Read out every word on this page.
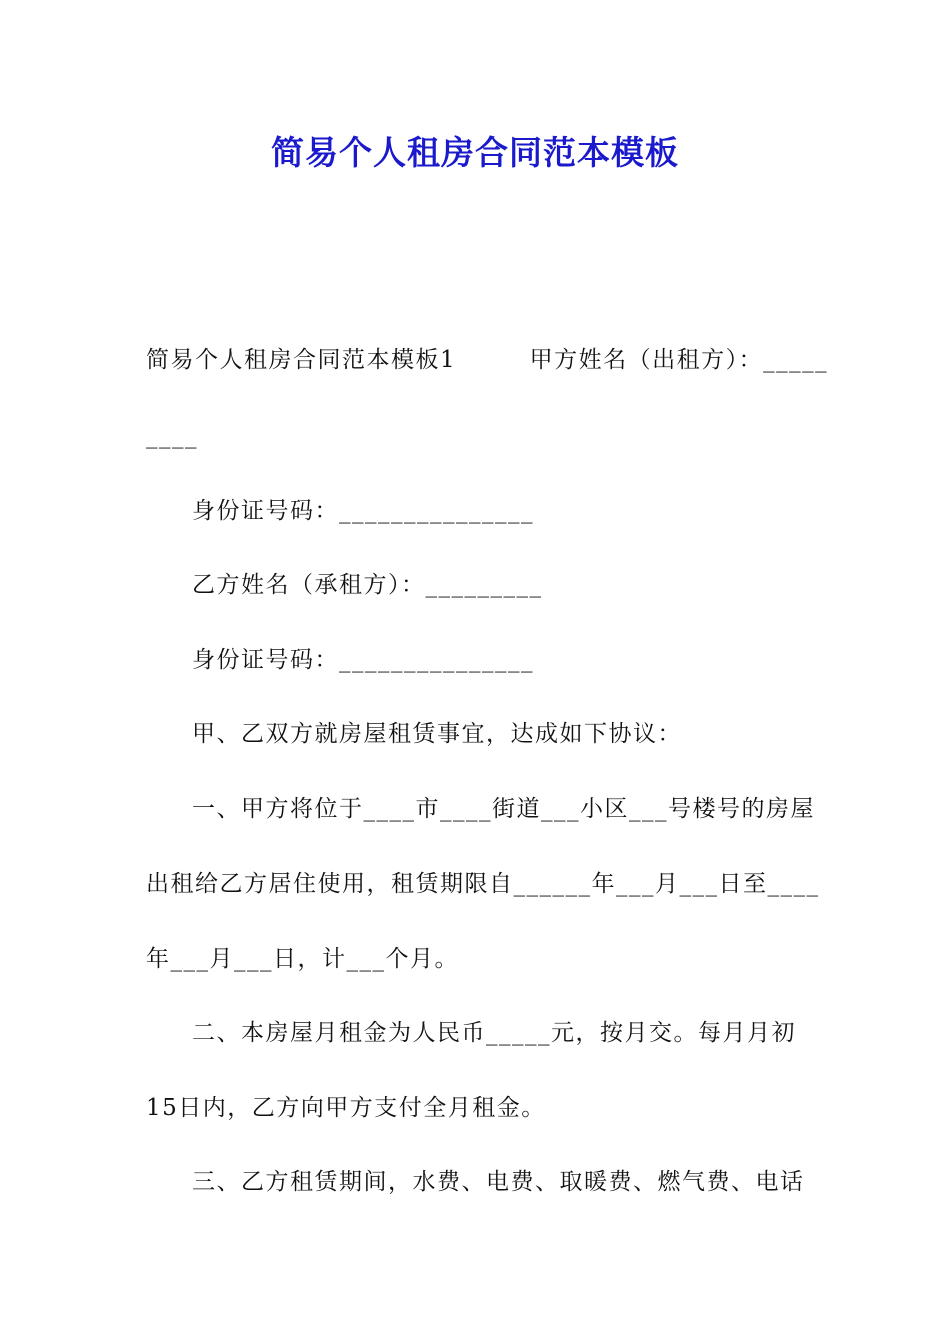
简易个人租房合同范本模板
简易个人租房合同范本模板1　　　甲方姓名（出租方）：_____
____
身份证号码：_______________
乙方姓名（承租方）：_________
身份证号码：_______________
甲、乙双方就房屋租赁事宜，达成如下协议：
一、甲方将位于____市____街道___小区___号楼号的房屋
出租给乙方居住使用，租赁期限自______年___月___日至____
年___月___日，计___个月。
二、本房屋月租金为人民币_____元，按月交。每月月初
15日内，乙方向甲方支付全月租金。
三、乙方租赁期间，水费、电费、取暖费、燃气费、电话
